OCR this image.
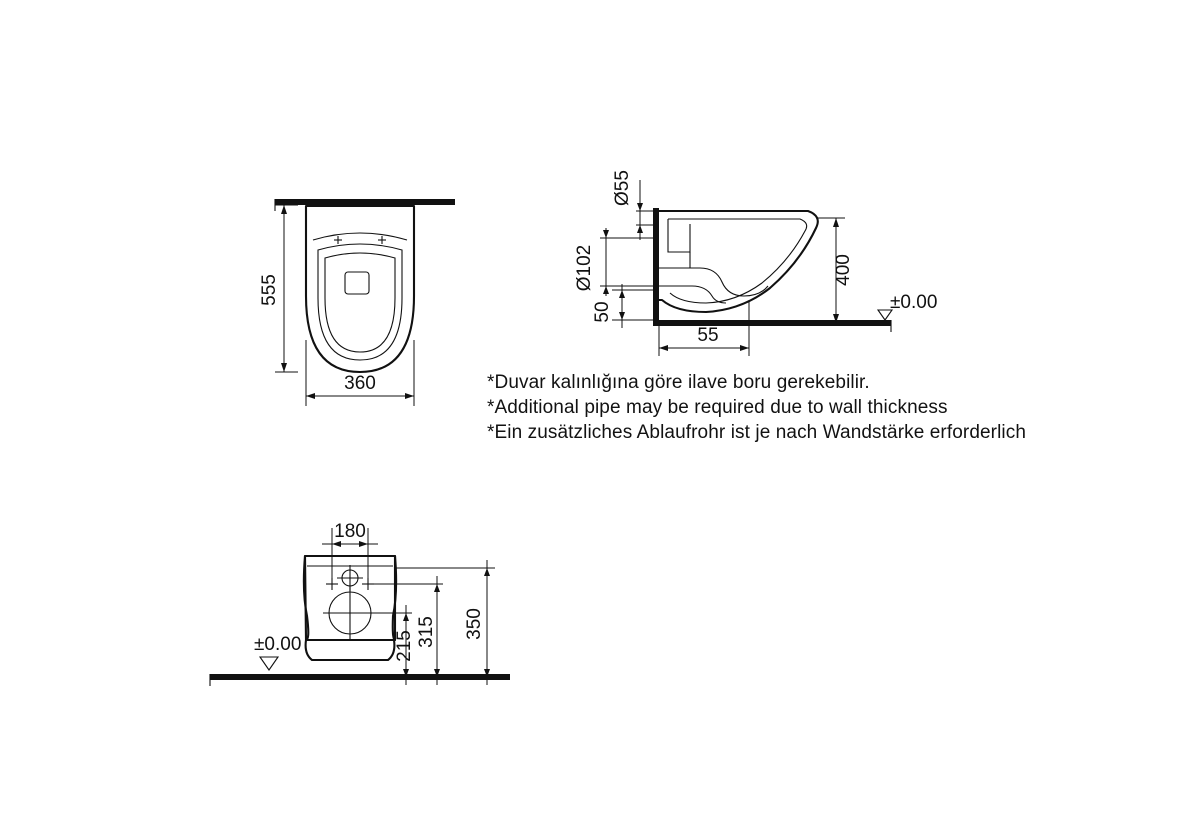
555
360
Ø55
Ø102
50
55
400
±0.00
180
215 315 350
±0.00
*Duvar kalınlığına göre ilave boru gerekebilir.
*Additional pipe may be required due to wall thickness
*Ein zusätzliches Ablaufrohr ist je nach Wandstärke erforderlich
